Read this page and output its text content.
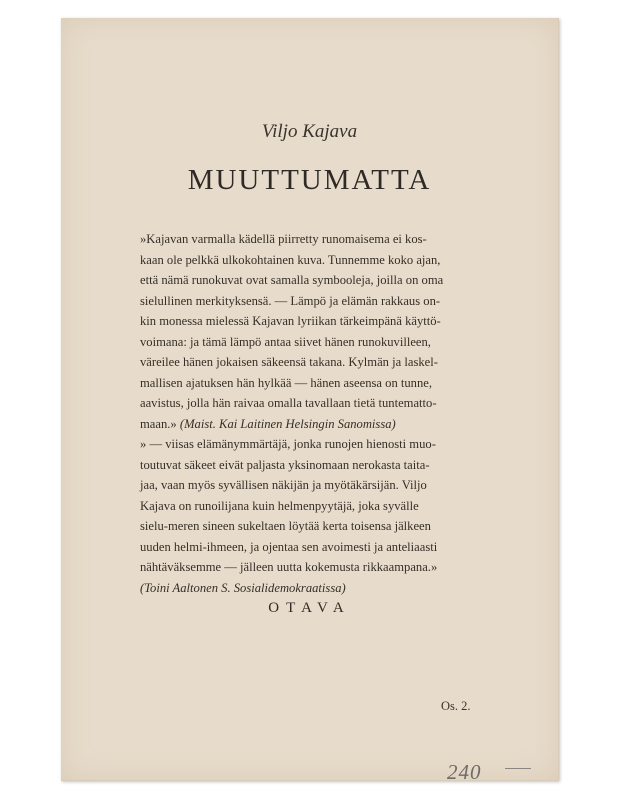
Viljo Kajava
MUUTTUMATTA
»Kajavan varmalla kädellä piirretty runomaisema ei kos-
kaan ole pelkkä ulkokohtainen kuva. Tunnemme koko ajan,
että nämä runokuvat ovat samalla symbooleja, joilla on oma
sielullinen merkityksensä. — Lämpö ja elämän rakkaus on-
kin monessa mielessä Kajavan lyriikan tärkeimpänä käyttö-
voimana: ja tämä lämpö antaa siivet hänen runokuvilleen,
väreilee hänen jokaisen säkeensä takana. Kylmän ja laskel-
mallisen ajatuksen hän hylkää — hänen aseensa on tunne,
aavistus, jolla hän raivaa omalla tavallaan tietä tuntematto-
maan.» (Maist. Kai Laitinen Helsingin Sanomissa)
» — viisas elämänymmärtäjä, jonka runojen hienosti muo-
toutuvat säkeet eivät paljasta yksinomaan nerokasta taita-
jaa, vaan myös syvällisen näkijän ja myötäkärsijän. Viljo
Kajava on runoilijana kuin helmenpyytäjä, joka syvälle
sielu-meren sineen sukeltaen löytää kerta toisensa jälkeen
uuden helmi-ihmeen, ja ojentaa sen avoimesti ja anteliaasti
nähtäväksemme — jälleen uutta kokemusta rikkaampana.»
(Toini Aaltonen S. Sosialidemokraatissa)
OTAVA
Os. 2.
240
